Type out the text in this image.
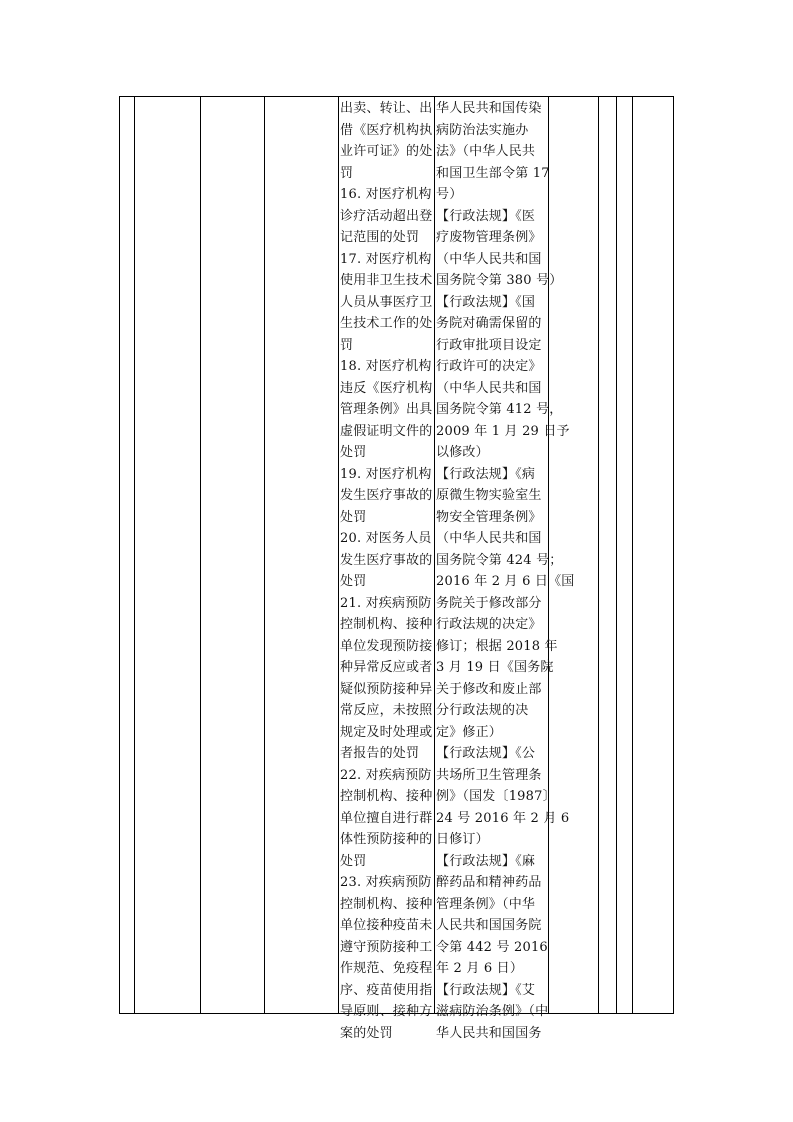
出卖、转让、出
借《医疗机构执
业许可证》的处
罚
16. 对医疗机构
诊疗活动超出登
记范围的处罚
17. 对医疗机构
使用非卫生技术
人员从事医疗卫
生技术工作的处
罚
18. 对医疗机构
违反《医疗机构
管理条例》出具
虚假证明文件的
处罚
19. 对医疗机构
发生医疗事故的
处罚
20. 对医务人员
发生医疗事故的
处罚
21. 对疾病预防
控制机构、接种
单位发现预防接
种异常反应或者
疑似预防接种异
常反应，未按照
规定及时处理或
者报告的处罚
22. 对疾病预防
控制机构、接种
单位擅自进行群
体性预防接种的
处罚
23. 对疾病预防
控制机构、接种
单位接种疫苗未
遵守预防接种工
作规范、免疫程
序、疫苗使用指
导原则、接种方
案的处罚
华人民共和国传染
病防治法实施办
法》（中华人民共
和国卫生部令第 17
号）
【行政法规】《医
疗废物管理条例》
（中华人民共和国
国务院令第 380 号）
【行政法规】《国
务院对确需保留的
行政审批项目设定
行政许可的决定》
（中华人民共和国
国务院令第 412 号，
2009 年 1 月 29 日予
以修改）
【行政法规】《病
原微生物实验室生
物安全管理条例》
（中华人民共和国
国务院令第 424 号；
2016 年 2 月 6 日《国
务院关于修改部分
行政法规的决定》
修订；根据 2018 年
3 月 19 日《国务院
关于修改和废止部
分行政法规的决
定》修正）
【行政法规】《公
共场所卫生管理条
例》（国发〔1987〕
24 号 2016 年 2 月 6
日修订）
【行政法规】《麻
醉药品和精神药品
管理条例》（中华
人民共和国国务院
令第 442 号 2016
年 2 月 6 日）
【行政法规】《艾
滋病防治条例》（中
华人民共和国国务
